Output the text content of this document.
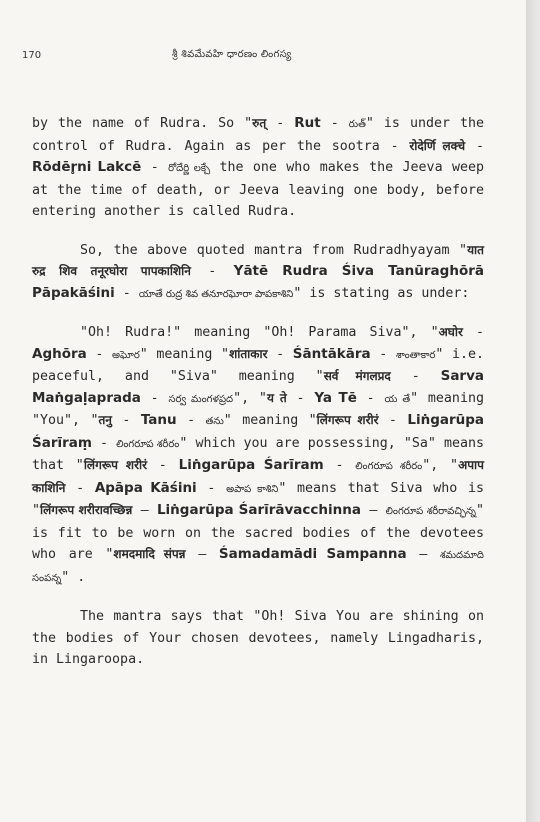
170	శ్రీ శివమేవహి ధారణం లింగస్య

by the name of Rudra. So "रुत् - Rut - రుత్" is under the control of Rudra. Again as per the sootra - रोदेर्णि लक्चे - Rōdēr̥ni Lakcē - రోదేర్ణి లక్చే the one who makes the Jeeva weep at the time of death, or Jeeva leaving one body, before entering another is called Rudra.

So, the above quoted mantra from Rudradhyayam "यात रुद्र शिव तनूरघोरा पापकाशिनि - Yātē Rudra Śiva Tanūraghōrā Pāpakāśini - యాతే రుద్ర శివ తనూరఘోరా పాపకాశిని" is stating as under:

"Oh! Rudra!" meaning "Oh! Parama Siva", "अघोर - Aghōra - అఘోర" meaning "शांताकार - Śāntākāra - శాంతాకార" i.e. peaceful, and "Siva" meaning "सर्व मंगलप्रद - Sarva Maṅgaḷaprada - సర్వ మంగళప్రద", "य ते - Ya Tē - య తే" meaning "You", "तनु - Tanu - తను" meaning "लिंगरूप शरीरं - Liṅgarūpa Śarīraṃ - లింగరూప శరీరం" which you are possessing, "Sa" means that "लिंगरूप शरीरं - Liṅgarūpa Śarīram - లింగరూప శరీరం", "अपाप काशिनि - Apāpa Kāśini - అపాప కాశిని" means that Siva who is "लिंगरूप शरीरावच्छिन्न – Liṅgarūpa Śarīrāvacchinna – లింగరూప శరీరావచ్ఛిన్న" is fit to be worn on the sacred bodies of the devotees who are "शमदमादि संपन्न – Śamadamādi Sampanna – శమదమాది సంపన్న" .

The mantra says that "Oh! Siva You are shining on the bodies of Your chosen devotees, namely Lingadharis, in Lingaroopa.
